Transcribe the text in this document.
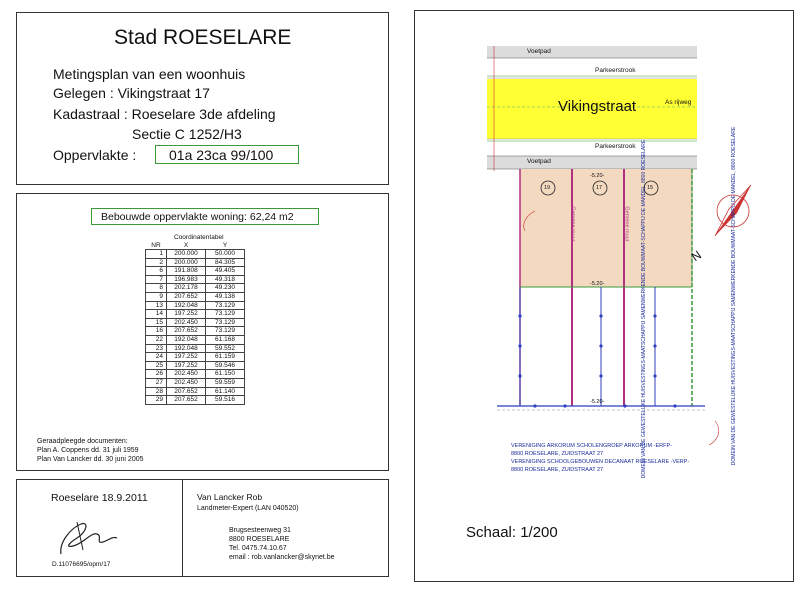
Stad ROESELARE
Metingsplan van een woonhuis
Gelegen : Vikingstraat 17
Kadastraal : Roeselare 3de afdeling
Sectie C 1252/H3
Oppervlakte : 01a 23ca 99/100
Bebouwde oppervlakte woning: 62,24 m2
Coordinatentabel
NR	X	Y
1	200.000	50.000
2	200.000	84.305
6	191.808	49.405
7	196.983	49.318
8	202.178	49.230
9	207.652	49.138
13	192.048	73.129
14	197.252	73.129
15	202.450	73.129
16	207.652	73.129
22	192.048	61.168
23	192.048	59.552
24	197.252	61.159
25	197.252	59.546
26	202.450	61.150
27	202.450	59.559
28	207.652	61.140
29	207.652	59.516
Geraadpleegde documenten:
Plan A. Coppens dd. 31 juli 1959
Plan Van Lancker dd. 30 juni 2005
Roeselare 18.9.2011
D.11076695/opm/17
Van Lancker Rob
Landmeter-Expert (LAN 040520)
Brugsesteenweg 31
8800 ROESELARE
Tel. 0475.74.10.67
email : rob.vanlancker@skynet.be
Voetpad
Parkeerstrook
Vikingstraat	As rijweg
Parkeerstrook
Voetpad
19	17	15
Gemene muur	Gemene muur
-5.20-
-5.20-
-5.20-	DOMEIN VAN DE GEWESTELIJKE HUISVESTINGS-MAATSCHAPPIJ SAMENWERKENDE BOUWMAAT-SCHAPPIJ DE MANDEL, 8800 ROESELARE	DOMEIN VAN DE GEWESTELIJKE HUISVESTINGS-MAATSCHAPPIJ SAMENWERKENDE BOUWMAAT-SCHAPPIJ DE MANDEL, 8800 ROESELARE
VERENIGING ARKORUM SCHOLENGROEP ARKORUM -ERFP-
8800 ROESELARE, ZUIDSTRAAT 27
VERENIGING SCHOOLGEBOUWEN DECANAAT ROESELARE -VERP-
8800 ROESELARE, ZUIDSTRAAT 27
N
Schaal: 1/200
